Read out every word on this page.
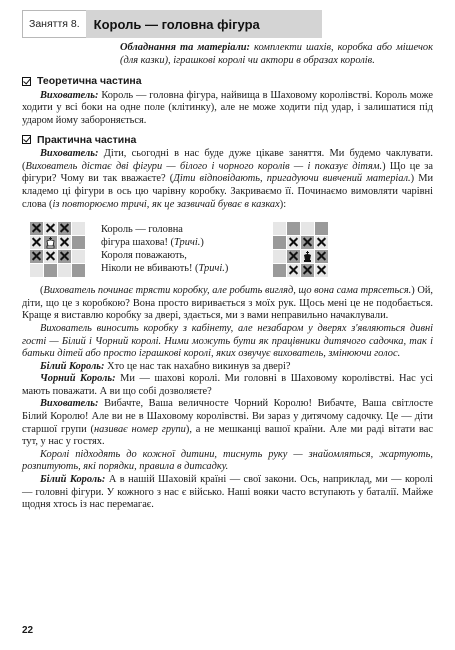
Заняття 8.	Король — головна фігура

Обладнання та матеріали: комплекти шахів, коробка або мішечок (для казки), іграшкові королі чи актори в образах королів.

Теоретична частина

Вихователь: Король — головна фігура, найвища в Шаховому королівстві. Король може ходити у всі боки на одне поле (клітинку), але не може ходити під удар, і залишатися під ударом йому забороняється.

Практична частина

Вихователь: Діти, сьогодні в нас буде дуже цікаве заняття. Ми будемо чаклувати. (Вихователь дістає дві фігури — білого і чорного королів — і показує дітям.) Що це за фігури? Чому ви так вважаєте? (Діти відповідають, пригадуючи вивчений матеріал.) Ми кладемо ці фігури в ось цю чарівну коробку. Закриваємо її. Починаємо вимовляти чарівні слова (із повторюємо тричі, як це зазвичай буває в казках):

Король — головна
фігура шахова! (Тричі.)
Короля поважають,
Ніколи не вбивають! (Тричі.)

(Вихователь починає трясти коробку, але робить вигляд, що вона сама трясеться.) Ой, діти, що це з коробкою? Вона просто виривається з моїх рук. Щось мені це не подобається. Краще я виставлю коробку за двері, здається, ми з вами неправильно начаклували.

Вихователь виносить коробку з кабінету, але незабаром у дверях з'являються дивні гості — Білий і Чорний королі. Ними можуть бути як працівники дитячого садочка, так і батьки дітей або просто іграшкові королі, яких озвучує вихователь, змінюючи голос.

Білий Король: Хто це нас так нахабно викинув за двері?

Чорний Король: Ми — шахові королі. Ми головні в Шаховому королівстві. Нас усі мають поважати. А ви що собі дозволяєте?

Вихователь: Вибачте, Ваша величносте Чорний Королю! Вибачте, Ваша світлосте Білий Королю! Але ви не в Шаховому королівстві. Ви зараз у дитячому садочку. Це — діти старшої групи (називає номер групи), а не мешканці вашої країни. Але ми раді вітати вас тут, у нас у гостях.

Королі підходять до кожної дитини, тиснуть руку — знайомляться, жартують, розпитують, які порядки, правила в дитсадку.

Білий Король: А в нашій Шаховій країні — свої закони. Ось, наприклад, ми — королі — головні фігури. У кожного з нас є військо. Наші вояки часто вступають у баталії. Майже щодня хтось із нас перемагає.

22
